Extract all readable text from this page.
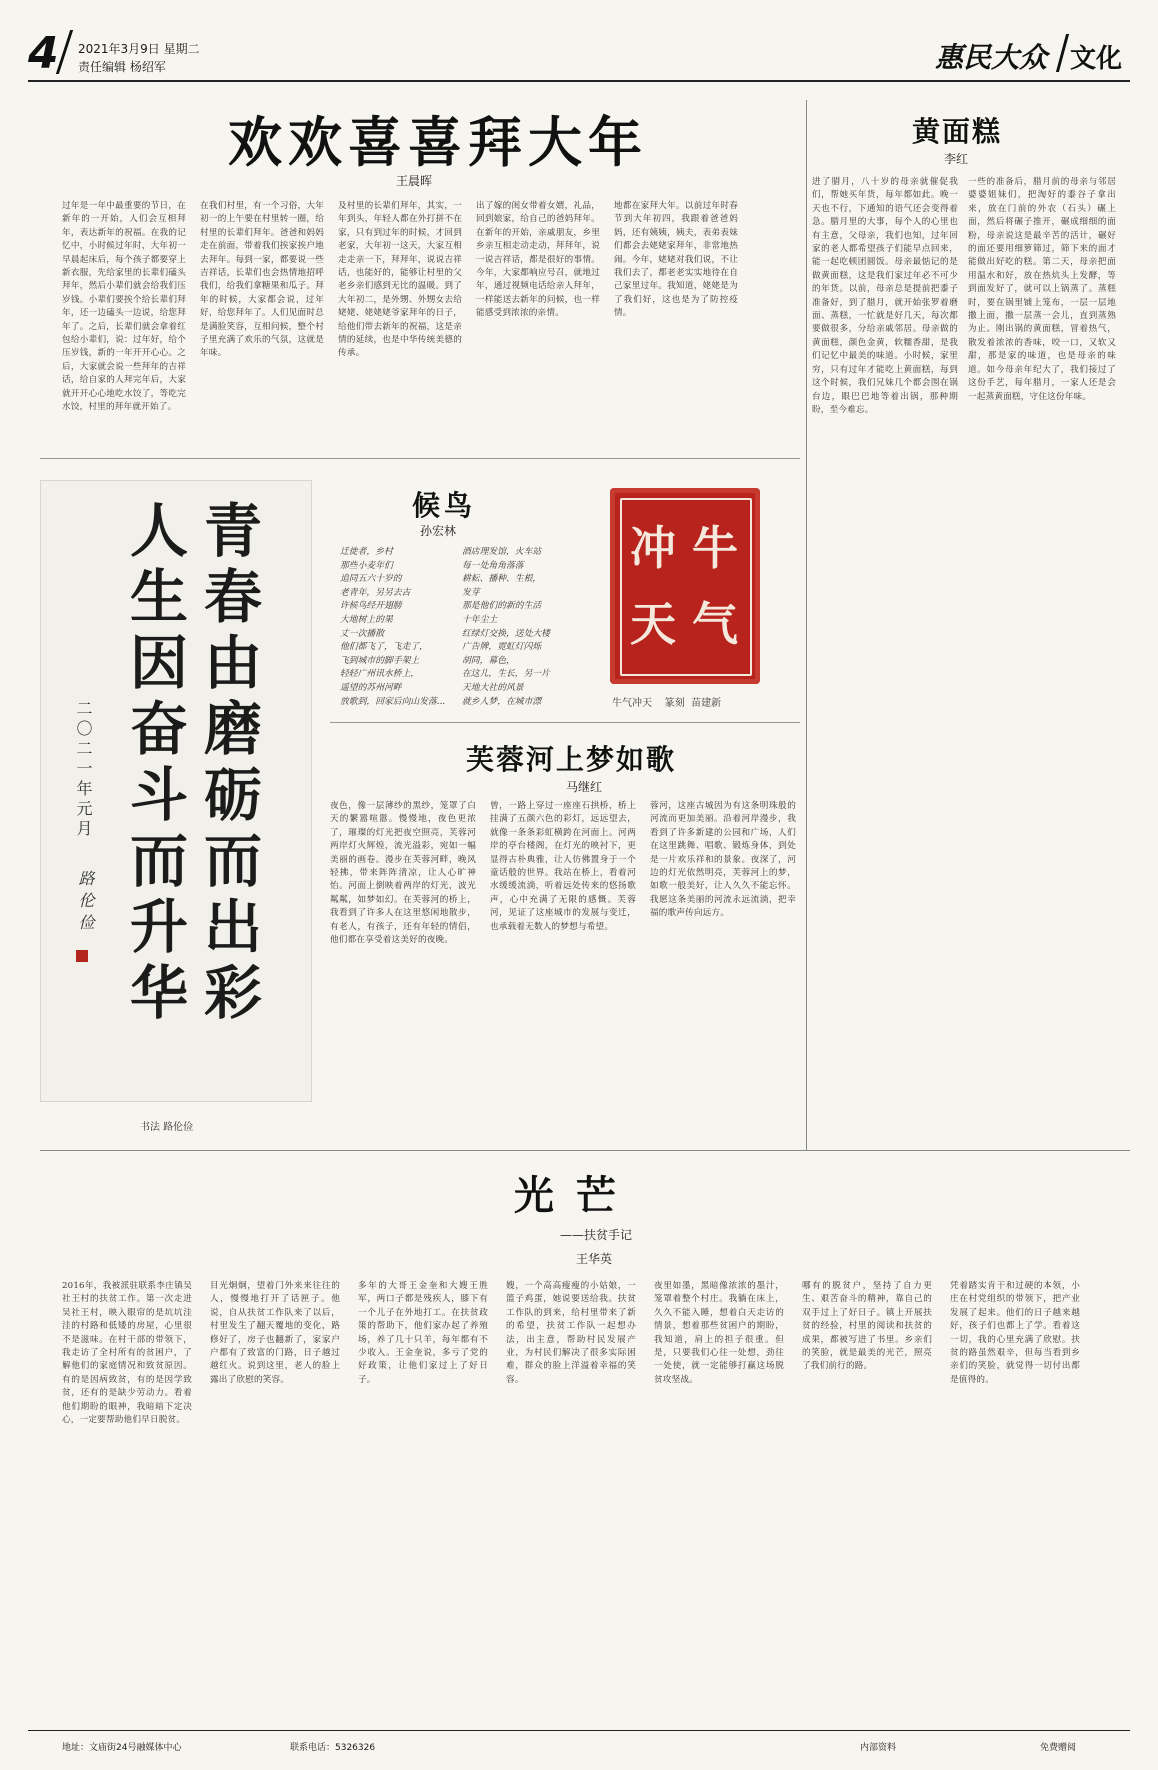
4 2021年3月9日 星期二
责任编辑 杨绍军	惠民大众 文化
欢欢喜喜拜大年
王晨晖
过年是一年中最重要的节日，在新年的一开始，人们会互相拜年，表达新年的祝福。在我的记忆中，小时候过年时，大年初一早晨起床后，每个孩子都要穿上新衣服，先给家里的长辈们磕头拜年，然后小辈们就会给我们压岁钱。小辈们要挨个给长辈们拜年，还一边磕头一边说，给您拜年了。之后，长辈们就会拿着红包给小辈们，说：过年好，给个压岁钱，新的一年开开心心。之后，大家就会说一些拜年的吉祥话，给自家的人拜完年后，大家就开开心心地吃水饺了，等吃完水饺，村里的拜年就开始了。
在我们村里，有一个习俗，大年初一的上午要在村里转一圈，给村里的长辈们拜年。爸爸和妈妈走在前面，带着我们挨家挨户地去拜年。每到一家，都要说一些吉祥话，长辈们也会热情地招呼我们，给我们拿糖果和瓜子。拜年的时候，大家都会说，过年好，给您拜年了。人们见面时总是满脸笑容，互相问候，整个村子里充满了欢乐的气氛，这就是年味。
及村里的长辈们拜年，其实，一年到头，年轻人都在外打拼不在家，只有到过年的时候，才回到老家，大年初一这天，大家互相走走亲一下，拜拜年，说说吉祥话，也能好的，能够让村里的父老乡亲们感到无比的温暖。到了大年初二，是外甥、外甥女去给姥姥、姥姥姥爷家拜年的日子，给他们带去新年的祝福，这是亲情的延续，也是中华传统美德的传承。
出了嫁的闺女带着女婿，礼品，回到娘家，给自己的爸妈拜年。在新年的开始，亲戚朋友，乡里乡亲互相走动走动，拜拜年，说一说吉祥话，都是很好的事情。今年，大家都响应号召，就地过年，通过视频电话给亲人拜年，一样能送去新年的问候，也一样能感受到浓浓的亲情。
地都在家拜大年。以前过年时春节到大年初四，我跟着爸爸妈妈，还有姨姨，姨夫，表弟表妹们都会去姥姥家拜年，非常地热闹。今年，姥姥对我们说，不让我们去了，都老老实实地待在自己家里过年。我知道，姥姥是为了我们好，这也是为了防控疫情。
黄面糕
李红
进了腊月，八十岁的母亲就催促我们，帮她买年货，每年都如此。晚一天也不行，下通知的语气还会变得着急。腊月里的大事，每个人的心里也有主意，父母亲，我们也知，过年回家的老人都希望孩子们能早点回来，能一起吃顿团圆饭。母亲最惦记的是做黄面糕，这是我们家过年必不可少的年货。以前，母亲总是提前把黍子准备好，到了腊月，就开始张罗着磨面、蒸糕，一忙就是好几天，每次都要做很多，分给亲戚邻居。母亲做的黄面糕，颜色金黄，软糯香甜，是我们记忆中最美的味道。小时候，家里穷，只有过年才能吃上黄面糕，每到这个时候，我们兄妹几个都会围在锅台边，眼巴巴地等着出锅，那种期盼，至今难忘。
一些的准备后，腊月前的母亲与邻居婆婆姐妹们，把淘好的黍谷子拿出来，放在门前的外农（石头）碾上面，然后将碾子推开，碾成细细的面粉，母亲说这是最辛苦的活计，碾好的面还要用细箩筛过，筛下来的面才能做出好吃的糕。第二天，母亲把面用温水和好，放在热炕头上发酵，等到面发好了，就可以上锅蒸了。蒸糕时，要在锅里铺上笼布，一层一层地撒上面，撒一层蒸一会儿，直到蒸熟为止。刚出锅的黄面糕，冒着热气，散发着浓浓的香味，咬一口，又软又甜，那是家的味道，也是母亲的味道。如今母亲年纪大了，我们接过了这份手艺，每年腊月，一家人还是会一起蒸黄面糕，守住这份年味。
青春由磨砺而出彩
人生因奋斗而升华
二〇二一年元月
路伦俭
书法 路伦俭
候鸟
孙宏林
迁徙者，乡村
那些小麦年们
追同五六十岁的
老青年，另另去古
许候鸟经开翅膀
大地树上的果
丈一次播散
他们都飞了，飞走了，
飞到城市的脚手架上
轻轻广州讯水桥上，
遥望的苏州河畔
放歌到，回家后向山发落...
酒店理发馆，火车站
每一处角角落落
耕耘、播种、生根，
发芽
那是他们的新的生活
十年尘土
红绿灯交换，送处大楼
广告牌，霓虹灯闪烁
胡同，幕色，
在这儿，生长，另一片
天地大社的风景
就乡人梦，在城市漂
牛
气
冲
天
牛气冲天    篆刻  苗建新
芙蓉河上梦如歌
马继红
夜色，像一层薄纱的黑纱，笼罩了白天的繁嚣喧嚣。慢慢地，夜色更浓了，璀璨的灯光把夜空照亮，芙蓉河两岸灯火辉煌，流光溢彩，宛如一幅美丽的画卷。漫步在芙蓉河畔，晚风轻拂，带来阵阵清凉，让人心旷神怡。河面上倒映着两岸的灯光，波光粼粼，如梦如幻。在芙蓉河的桥上，我看到了许多人在这里悠闲地散步，有老人，有孩子，还有年轻的情侣，他们都在享受着这美好的夜晚。
曾，一路上穿过一座座石拱桥，桥上挂满了五颜六色的彩灯，远远望去，就像一条条彩虹横跨在河面上。河两岸的亭台楼阁，在灯光的映衬下，更显得古朴典雅，让人仿佛置身于一个童话般的世界。我站在桥上，看着河水缓缓流淌，听着远处传来的悠扬歌声，心中充满了无限的感慨。芙蓉河，见证了这座城市的发展与变迁，也承载着无数人的梦想与希望。
蓉河，这座古城因为有这条明珠般的河流而更加美丽。沿着河岸漫步，我看到了许多新建的公园和广场，人们在这里跳舞、唱歌、锻炼身体，到处是一片欢乐祥和的景象。夜深了，河边的灯光依然明亮，芙蓉河上的梦，如歌一般美好，让人久久不能忘怀。我愿这条美丽的河流永远流淌，把幸福的歌声传向远方。
光 芒
——扶贫手记
王华英
2016年，我被派驻联系李庄镇吴社王村的扶贫工作。第一次走进吴社王村，映入眼帘的是坑坑洼洼的村路和低矮的房屋，心里很不是滋味。在村干部的带领下，我走访了全村所有的贫困户，了解他们的家庭情况和致贫原因。有的是因病致贫，有的是因学致贫，还有的是缺少劳动力。看着他们期盼的眼神，我暗暗下定决心，一定要帮助他们早日脱贫。
目光炯炯，望着门外来来往往的人，慢慢地打开了话匣子。他说，自从扶贫工作队来了以后，村里发生了翻天覆地的变化，路修好了，房子也翻新了，家家户户都有了致富的门路，日子越过越红火。说到这里，老人的脸上露出了欣慰的笑容。
多年的大哥王金奎和大嫂王胜军，两口子都是残疾人，膝下有一个儿子在外地打工。在扶贫政策的帮助下，他们家办起了养殖场，养了几十只羊，每年都有不少收入。王金奎说，多亏了党的好政策，让他们家过上了好日子。
嫂，一个高高瘦瘦的小姑娘，一篮子鸡蛋，她说要送给我。扶贫工作队的到来，给村里带来了新的希望，扶贫工作队一起想办法，出主意，帮助村民发展产业，为村民们解决了很多实际困难，群众的脸上洋溢着幸福的笑容。
夜里如墨，黑暗像浓浓的墨汁，笼罩着整个村庄。我躺在床上，久久不能入睡，想着白天走访的情景，想着那些贫困户的期盼，我知道，肩上的担子很重。但是，只要我们心往一处想，劲往一处使，就一定能够打赢这场脱贫攻坚战。
哪有的脱贫户，坚持了自力更生、艰苦奋斗的精神，靠自己的双手过上了好日子。镇上开展扶贫的经验，村里的阅读和扶贫的成果，都被写进了书里。乡亲们的笑脸，就是最美的光芒，照亮了我们前行的路。
凭着踏实肯干和过硬的本领，小庄在村党组织的带领下，把产业发展了起来。他们的日子越来越好，孩子们也都上了学。看着这一切，我的心里充满了欣慰。扶贫的路虽然艰辛，但每当看到乡亲们的笑脸，就觉得一切付出都是值得的。
地址：文庙街24号融媒体中心	联系电话：5326326	内部资料	免费赠阅
